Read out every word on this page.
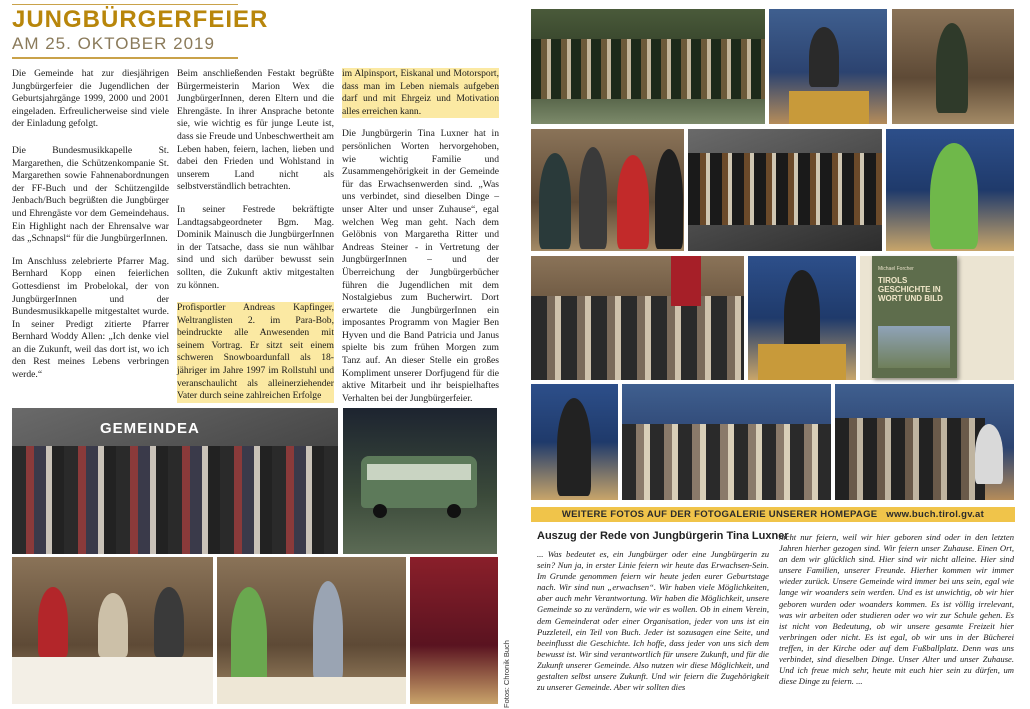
JUNGBÜRGERFEIER
AM 25. OKTOBER 2019

Die Gemeinde hat zur diesjährigen Jungbürgerfeier die Jugendlichen der Geburtsjahrgänge 1999, 2000 und 2001 eingeladen. Erfreulicherweise sind viele der Einladung gefolgt.

Die Bundesmusikkapelle St. Margarethen, die Schützenkompanie St. Margarethen sowie Fahnenabordnungen der FF-Buch und der Schützengilde Jenbach/Buch begrüßten die Jungbürger und Ehrengäste vor dem Gemeindehaus. Ein Highlight nach der Ehrensalve war das „Schnapsl“ für die JungbürgerInnen.

Im Anschluss zelebrierte Pfarrer Mag. Bernhard Kopp einen feierlichen Gottesdienst im Probelokal, der von JungbürgerInnen und der Bundesmusikkapelle mitgestaltet wurde. In seiner Predigt zitierte Pfarrer Bernhard Woddy Allen: „Ich denke viel an die Zukunft, weil das dort ist, wo ich den Rest meines Lebens verbringen werde.“

Beim anschließenden Festakt begrüßte Bürgermeisterin Marion Wex die JungbürgerInnen, deren Eltern und die Ehrengäste. In ihrer Ansprache betonte sie, wie wichtig es für junge Leute ist, dass sie Freude und Unbeschwertheit am Leben haben, feiern, lachen, lieben und dabei den Frieden und Wohlstand in unserem Land nicht als selbstverständlich betrachten.

In seiner Festrede bekräftigte Landtagsabgeordneter Bgm. Mag. Dominik Mainusch die JungbürgerInnen in der Tatsache, dass sie nun wählbar sind und sich darüber bewusst sein sollten, die Zukunft aktiv mitgestalten zu können.

Profisportler Andreas Kapfinger, Weltranglisten 2. im Para-Bob, beindruckte alle Anwesenden mit seinem Vortrag. Er sitzt seit einem schweren Snowboardunfall als 18-jähriger im Jahre 1997 im Rollstuhl und veranschaulicht als alleinerziehender Vater durch seine zahlreichen Erfolge

im Alpinsport, Eiskanal und Motorsport, dass man im Leben niemals aufgeben darf und mit Ehrgeiz und Motivation alles erreichen kann.

Die Jungbürgerin Tina Luxner hat in persönlichen Worten hervorgehoben, wie wichtig Familie und Zusammengehörigkeit in der Gemeinde für das Erwachsenwerden sind. „Was uns verbindet, sind dieselben Dinge – unser Alter und unser Zuhause“, egal welchen Weg man geht. Nach dem Gelöbnis von Margaretha Ritter und Andreas Steiner - in Vertretung der JungbürgerInnen – und der Überreichung der Jungbürgerbücher führen die Jugendlichen mit dem Nostalgiebus zum Bucherwirt. Dort erwartete die JungbürgerInnen ein imposantes Programm von Magier Ben Hyven und die Band Patricia und Janus spielte bis zum frühen Morgen zum Tanz auf. An dieser Stelle ein großes Kompliment unserer Dorfjugend für die aktive Mitarbeit und ihr beispielhaftes Verhalten bei der Jungbürgerfeier.

GEMEINDEA
Fotos: Chronik Buch
Michael Forcher
TIROLS GESCHICHTE IN WORT UND BILD
WEITERE FOTOS AUF DER FOTOGALERIE UNSERER HOMEPAGE www.buch.tirol.gv.at
Auszug der Rede von Jungbürgerin Tina Luxner
... Was bedeutet es, ein Jungbürger oder eine Jungbürgerin zu sein? Nun ja, in erster Linie feiern wir heute das Erwachsen-Sein. Im Grunde genommen feiern wir heute jeden eurer Geburtstage nach. Wir sind nun „erwachsen“. Wir haben viele Möglichkeiten, aber auch mehr Verantwortung. Wir haben die Möglichkeit, unsere Gemeinde so zu verändern, wie wir es wollen. Ob in einem Verein, dem Gemeinderat oder einer Organisation, jeder von uns ist ein Puzzleteil, ein Teil von Buch. Jeder ist sozusagen eine Seite, und beeinflusst die Geschichte. Ich hoffe, dass jeder von uns sich dem bewusst ist. Wir sind verantwortlich für unsere Zukunft, und für die Zukunft unserer Gemeinde. Also nutzen wir diese Möglichkeit, und gestalten selbst unsere Zukunft. Und wir feiern die Zugehörigkeit zu unserer Gemeinde. Aber wir sollten dies
nicht nur feiern, weil wir hier geboren sind oder in den letzten Jahren hierher gezogen sind. Wir feiern unser Zuhause. Einen Ort, an dem wir glücklich sind. Hier sind wir nicht alleine. Hier sind unsere Familien, unserer Freunde. Hierher kommen wir immer wieder zurück. Unsere Gemeinde wird immer bei uns sein, egal wie lange wir woanders sein werden. Und es ist unwichtig, ob wir hier geboren wurden oder woanders kommen. Es ist völlig irrelevant, was wir arbeiten oder studieren oder wo wir zur Schule gehen. Es ist nicht von Bedeutung, ob wir unsere gesamte Freizeit hier verbringen oder nicht. Es ist egal, ob wir uns in der Bücherei treffen, in der Kirche oder auf dem Fußballplatz. Denn was uns verbindet, sind dieselben Dinge. Unser Alter und unser Zuhause. Und ich freue mich sehr, heute mit euch hier sein zu dürfen, um diese Dinge zu feiern. ...
